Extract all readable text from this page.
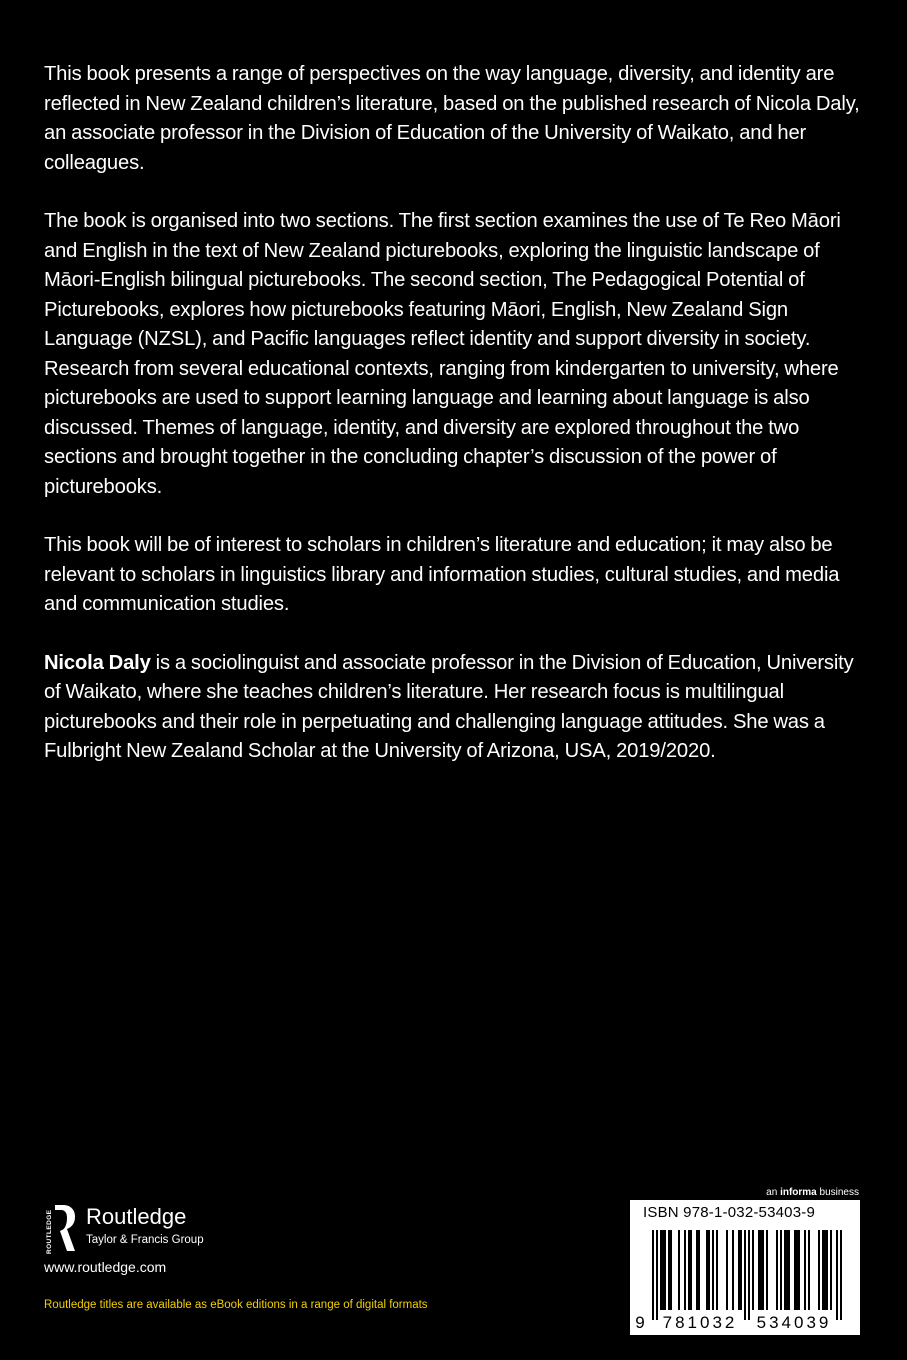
This book presents a range of perspectives on the way language, diversity, and identity are reflected in New Zealand children’s literature, based on the published research of Nicola Daly, an associate professor in the Division of Education of the University of Waikato, and her colleagues.

The book is organised into two sections. The first section examines the use of Te Reo Māori and English in the text of New Zealand picturebooks, exploring the linguistic landscape of Māori-English bilingual picturebooks. The second section, The Pedagogical Potential of Picturebooks, explores how picturebooks featuring Māori, English, New Zealand Sign Language (NZSL), and Pacific languages reflect identity and support diversity in society. Research from several educational contexts, ranging from kindergarten to university, where picturebooks are used to support learning language and learning about language is also discussed. Themes of language, identity, and diversity are explored throughout the two sections and brought together in the concluding chapter’s discussion of the power of picturebooks.

This book will be of interest to scholars in children’s literature and education; it may also be relevant to scholars in linguistics library and information studies, cultural studies, and media and communication studies.

Nicola Daly is a sociolinguist and associate professor in the Division of Education, University of Waikato, where she teaches children’s literature. Her research focus is multilingual picturebooks and their role in perpetuating and challenging language attitudes. She was a Fulbright New Zealand Scholar at the University of Arizona, USA, 2019/2020.

ROUTLEDGE Routledge
Taylor & Francis Group
www.routledge.com
Routledge titles are available as eBook editions in a range of digital formats
an informa business
ISBN 978-1-032-53403-9
9 781032 534039
